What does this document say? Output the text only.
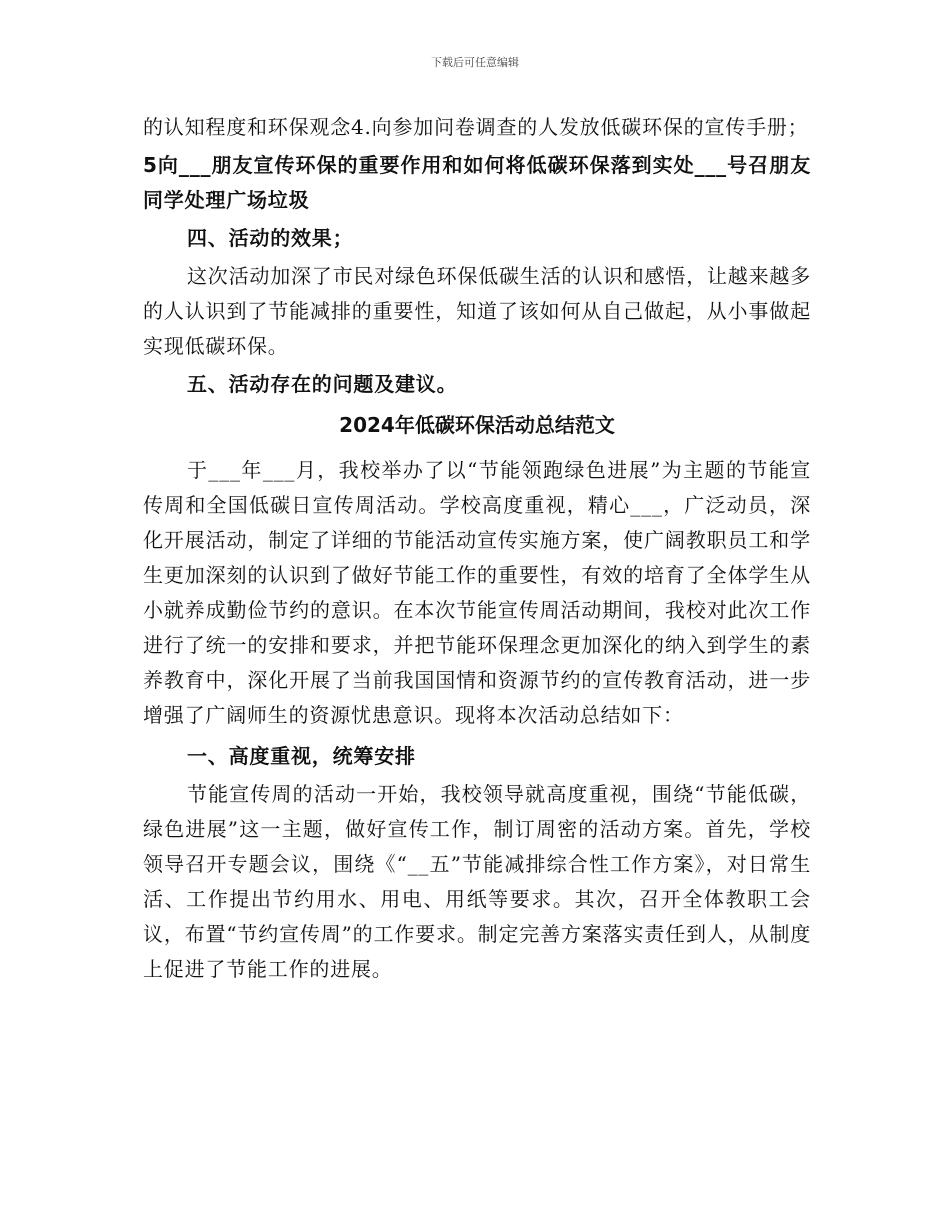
下载后可任意编辑

的认知程度和环保观念4.向参加问卷调查的人发放低碳环保的宣传手册；

5向___朋友宣传环保的重要作用和如何将低碳环保落到实处___号召朋友同学处理广场垃圾

四、活动的效果；

这次活动加深了市民对绿色环保低碳生活的认识和感悟，让越来越多的人认识到了节能减排的重要性，知道了该如何从自己做起，从小事做起实现低碳环保。

五、活动存在的问题及建议。

2024年低碳环保活动总结范文

于___年___月，我校举办了以“节能领跑绿色进展”为主题的节能宣传周和全国低碳日宣传周活动。学校高度重视，精心___，广泛动员，深化开展活动，制定了详细的节能活动宣传实施方案，使广阔教职员工和学生更加深刻的认识到了做好节能工作的重要性，有效的培育了全体学生从小就养成勤俭节约的意识。在本次节能宣传周活动期间，我校对此次工作进行了统一的安排和要求，并把节能环保理念更加深化的纳入到学生的素养教育中，深化开展了当前我国国情和资源节约的宣传教育活动，进一步增强了广阔师生的资源忧患意识。现将本次活动总结如下：

一、高度重视，统筹安排

节能宣传周的活动一开始，我校领导就高度重视，围绕“节能低碳，绿色进展”这一主题，做好宣传工作，制订周密的活动方案。首先，学校领导召开专题会议，围绕《“__五”节能减排综合性工作方案》，对日常生活、工作提出节约用水、用电、用纸等要求。其次，召开全体教职工会议，布置“节约宣传周”的工作要求。制定完善方案落实责任到人，从制度上促进了节能工作的进展。
